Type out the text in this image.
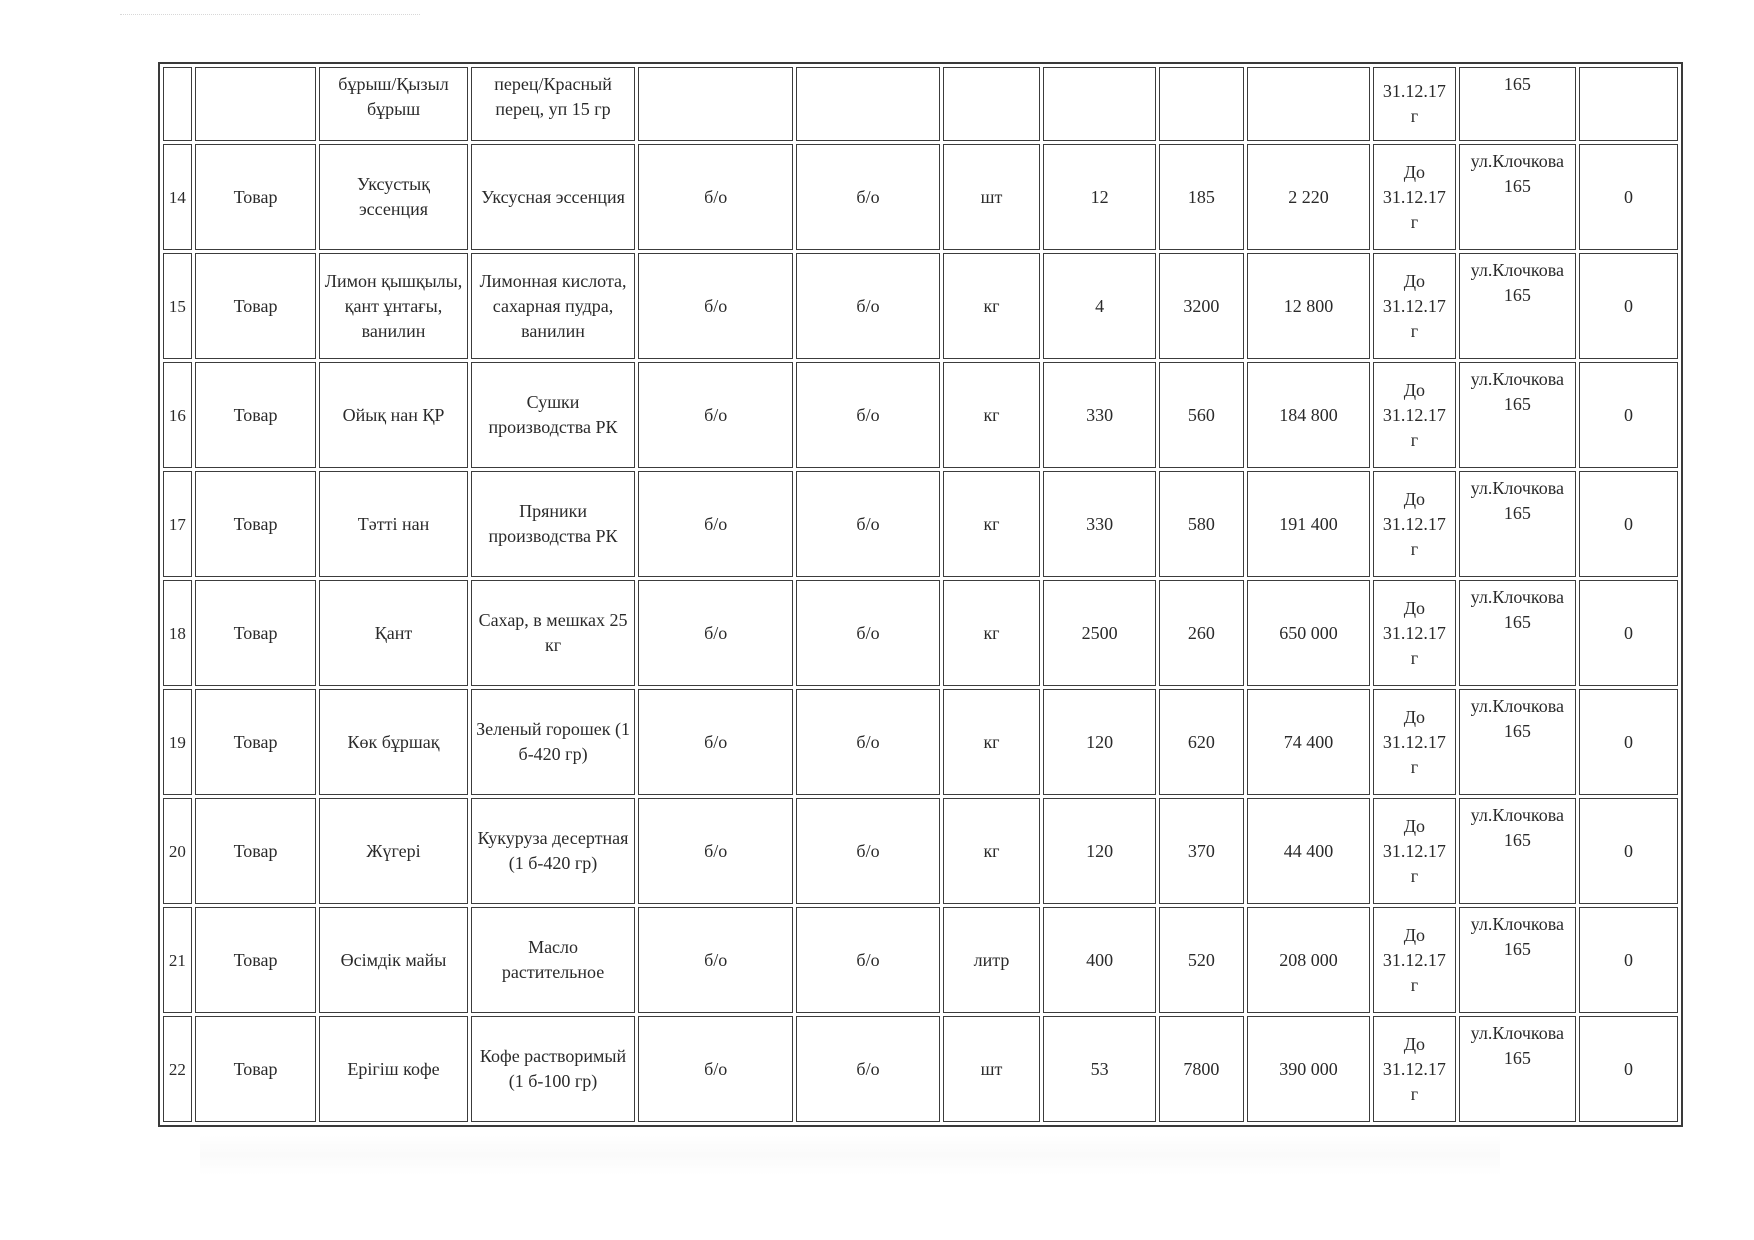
		бұрыш/Қызыл бұрыш	перец/Красный перец, уп 15 гр							31.12.17 г	165	
14	Товар	Уксустық эссенция	Уксусная эссенция	б/о	б/о	шт	12	185	2 220	До 31.12.17 г	ул.Клочкова 165	0
15	Товар	Лимон қышқылы, қант ұнтағы, ванилин	Лимонная кислота, сахарная пудра, ванилин	б/о	б/о	кг	4	3200	12 800	До 31.12.17 г	ул.Клочкова 165	0
16	Товар	Ойық нан ҚР	Сушки производства РК	б/о	б/о	кг	330	560	184 800	До 31.12.17 г	ул.Клочкова 165	0
17	Товар	Тәтті нан	Пряники производства РК	б/о	б/о	кг	330	580	191 400	До 31.12.17 г	ул.Клочкова 165	0
18	Товар	Қант	Сахар, в мешках 25 кг	б/о	б/о	кг	2500	260	650 000	До 31.12.17 г	ул.Клочкова 165	0
19	Товар	Көк бұршақ	Зеленый горошек (1 б-420 гр)	б/о	б/о	кг	120	620	74 400	До 31.12.17 г	ул.Клочкова 165	0
20	Товар	Жүгері	Кукуруза десертная (1 б-420 гр)	б/о	б/о	кг	120	370	44 400	До 31.12.17 г	ул.Клочкова 165	0
21	Товар	Өсімдік майы	Масло растительное	б/о	б/о	литр	400	520	208 000	До 31.12.17 г	ул.Клочкова 165	0
22	Товар	Ерігіш кофе	Кофе растворимый (1 б-100 гр)	б/о	б/о	шт	53	7800	390 000	До 31.12.17 г	ул.Клочкова 165	0
